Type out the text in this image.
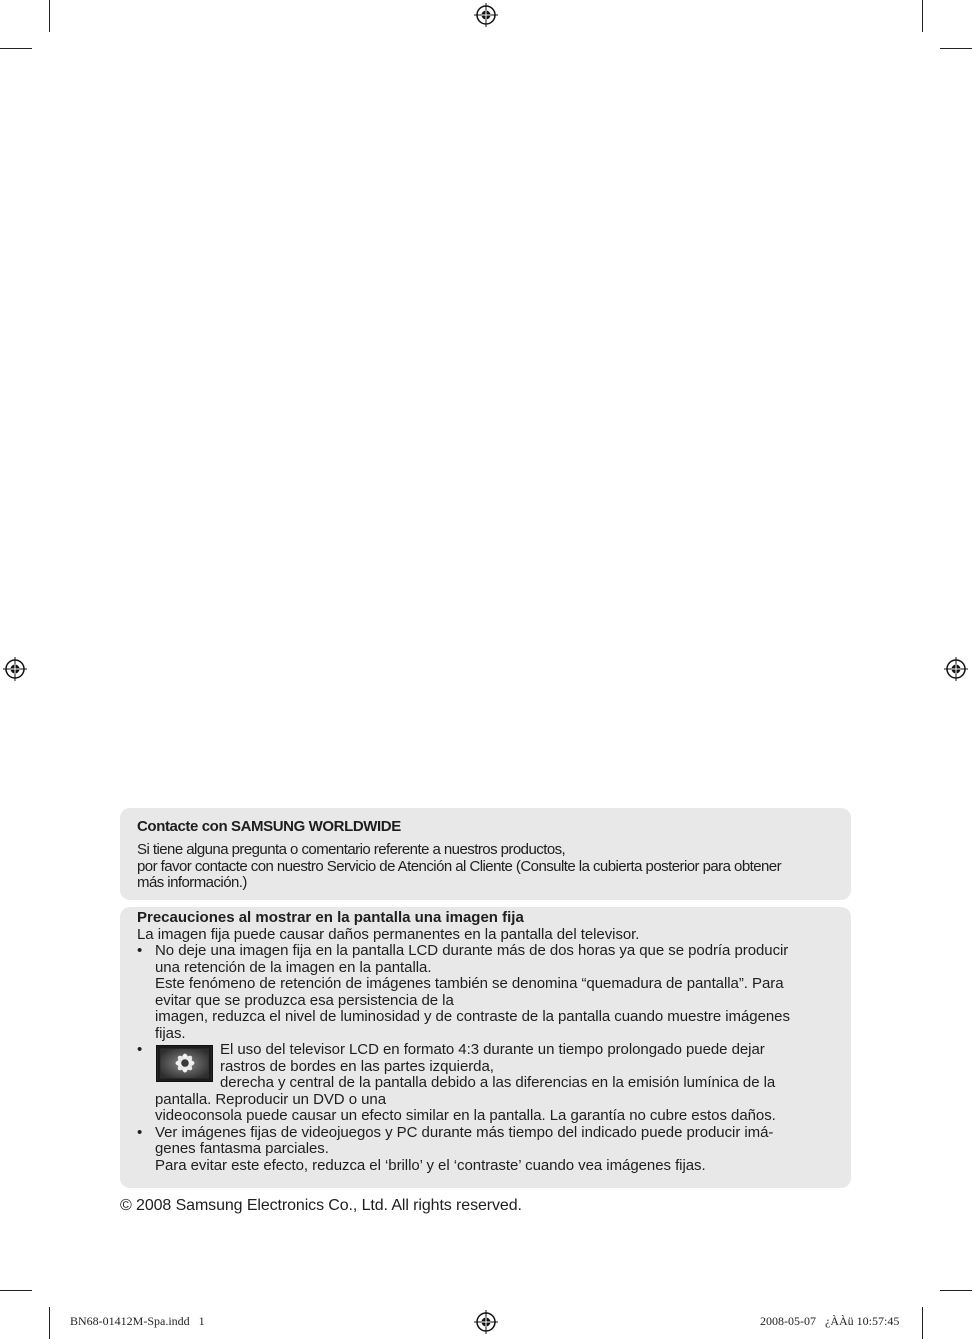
Contacte con SAMSUNG WORLDWIDE
Si tiene alguna pregunta o comentario referente a nuestros productos,
por favor contacte con nuestro Servicio de Atención al Cliente (Consulte la cubierta posterior para obtener
más información.)
Precauciones al mostrar en la pantalla una imagen fija
La imagen fija puede causar daños permanentes en la pantalla del televisor.
• No deje una imagen fija en la pantalla LCD durante más de dos horas ya que se podría producir
una retención de la imagen en la pantalla.
Este fenómeno de retención de imágenes también se denomina “quemadura de pantalla”. Para
evitar que se produzca esa persistencia de la
imagen, reduzca el nivel de luminosidad y de contraste de la pantalla cuando muestre imágenes
fijas.
•	El uso del televisor LCD en formato 4:3 durante un tiempo prolongado puede dejar
rastros de bordes en las partes izquierda,
derecha y central de la pantalla debido a las diferencias en la emisión lumínica de la
pantalla. Reproducir un DVD o una
videoconsola puede causar un efecto similar en la pantalla. La garantía no cubre estos daños.
• Ver imágenes fijas de videojuegos y PC durante más tiempo del indicado puede producir imá-
genes fantasma parciales.
Para evitar este efecto, reduzca el ‘brillo’ y el ‘contraste’ cuando vea imágenes fijas.
© 2008 Samsung Electronics Co., Ltd. All rights reserved.
BN68-01412M-Spa.indd   1	2008-05-07   ¿ÀÀü 10:57:45
